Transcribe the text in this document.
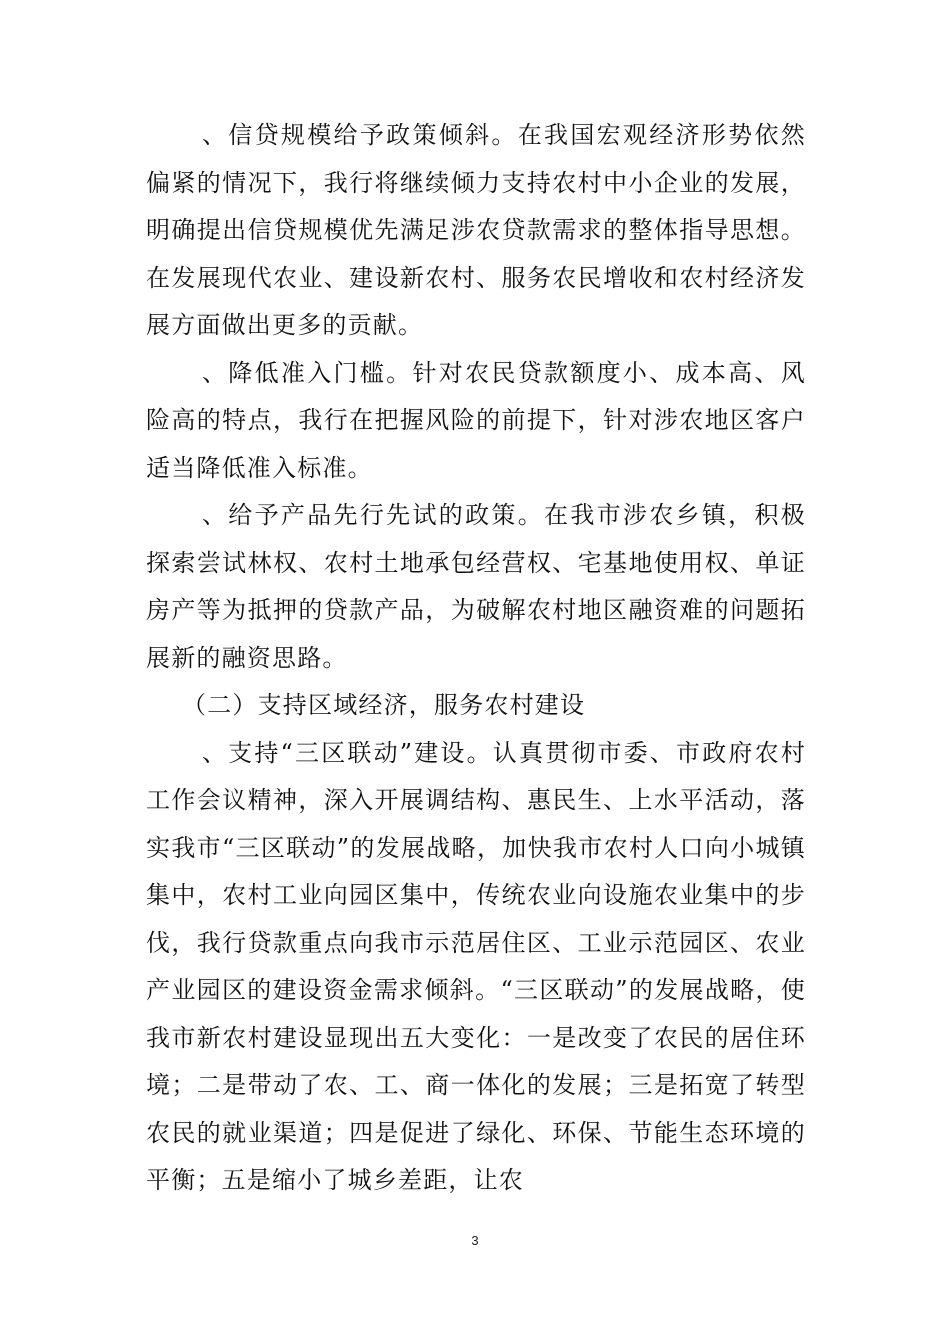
、信贷规模给予政策倾斜。在我国宏观经济形势依然偏紧的情况下，我行将继续倾力支持农村中小企业的发展，明确提出信贷规模优先满足涉农贷款需求的整体指导思想。在发展现代农业、建设新农村、服务农民增收和农村经济发展方面做出更多的贡献。

、降低准入门槛。针对农民贷款额度小、成本高、风险高的特点，我行在把握风险的前提下，针对涉农地区客户适当降低准入标准。

、给予产品先行先试的政策。在我市涉农乡镇，积极探索尝试林权、农村土地承包经营权、宅基地使用权、单证房产等为抵押的贷款产品，为破解农村地区融资难的问题拓展新的融资思路。

（二）支持区域经济，服务农村建设

、支持“三区联动”建设。认真贯彻市委、市政府农村工作会议精神，深入开展调结构、惠民生、上水平活动，落实我市“三区联动”的发展战略，加快我市农村人口向小城镇集中，农村工业向园区集中，传统农业向设施农业集中的步伐，我行贷款重点向我市示范居住区、工业示范园区、农业产业园区的建设资金需求倾斜。“三区联动”的发展战略，使我市新农村建设显现出五大变化：一是改变了农民的居住环境；二是带动了农、工、商一体化的发展；三是拓宽了转型农民的就业渠道；四是促进了绿化、环保、节能生态环境的平衡；五是缩小了城乡差距，让农

3
